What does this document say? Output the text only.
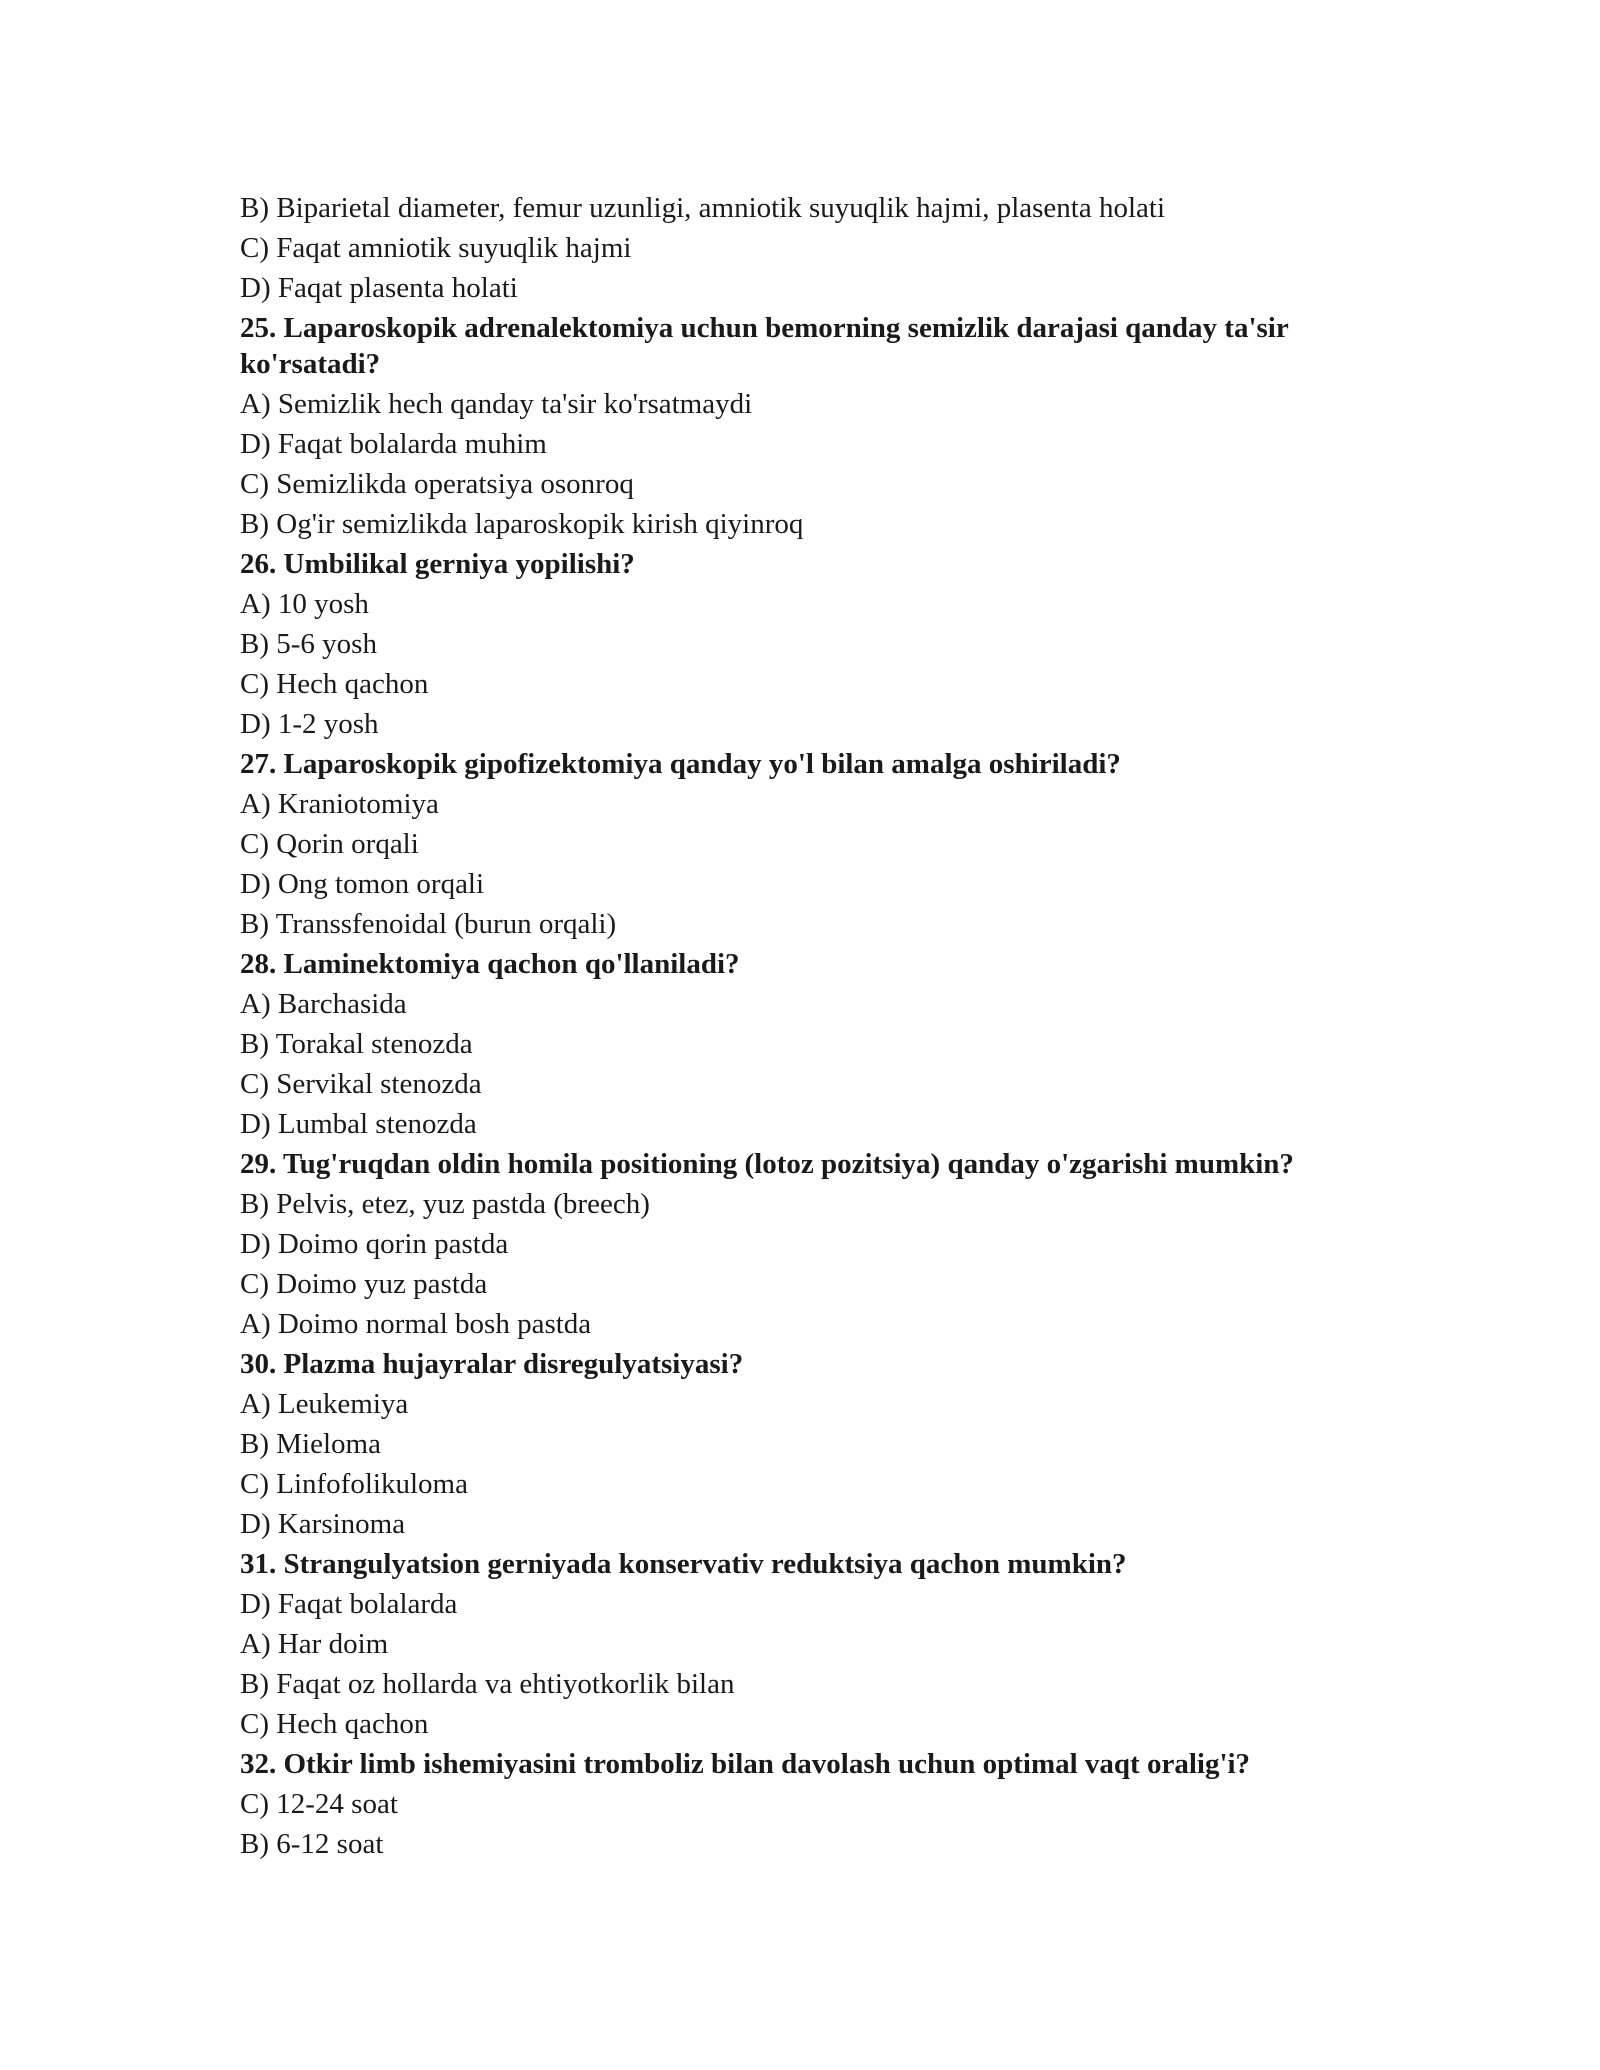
B) Biparietal diameter, femur uzunligi, amniotik suyuqlik hajmi, plasenta holati
C) Faqat amniotik suyuqlik hajmi
D) Faqat plasenta holati
25. Laparoskopik adrenalektomiya uchun bemorning semizlik darajasi qanday ta'sir ko'rsatadi?
A) Semizlik hech qanday ta'sir ko'rsatmaydi
D) Faqat bolalarda muhim
C) Semizlikda operatsiya osonroq
B) Og'ir semizlikda laparoskopik kirish qiyinroq
26. Umbilikal gerniya yopilishi?
A) 10 yosh
B) 5-6 yosh
C) Hech qachon
D) 1-2 yosh
27. Laparoskopik gipofizektomiya qanday yo'l bilan amalga oshiriladi?
A) Kraniotomiya
C) Qorin orqali
D) Ong tomon orqali
B) Transsfenoidal (burun orqali)
28. Laminektomiya qachon qo'llaniladi?
A) Barchasida
B) Torakal stenozda
C) Servikal stenozda
D) Lumbal stenozda
29. Tug'ruqdan oldin homila positioning (lotoz pozitsiya) qanday o'zgarishi mumkin?
B) Pelvis, etez, yuz pastda (breech)
D) Doimo qorin pastda
C) Doimo yuz pastda
A) Doimo normal bosh pastda
30. Plazma hujayralar disregulyatsiyasi?
A) Leukemiya
B) Mieloma
C) Linfofolikuloma
D) Karsinoma
31. Strangulyatsion gerniyada konservativ reduktsiya qachon mumkin?
D) Faqat bolalarda
A) Har doim
B) Faqat oz hollarda va ehtiyotkorlik bilan
C) Hech qachon
32. Otkir limb ishemiyasini tromboliz bilan davolash uchun optimal vaqt oralig'i?
C) 12-24 soat
B) 6-12 soat
